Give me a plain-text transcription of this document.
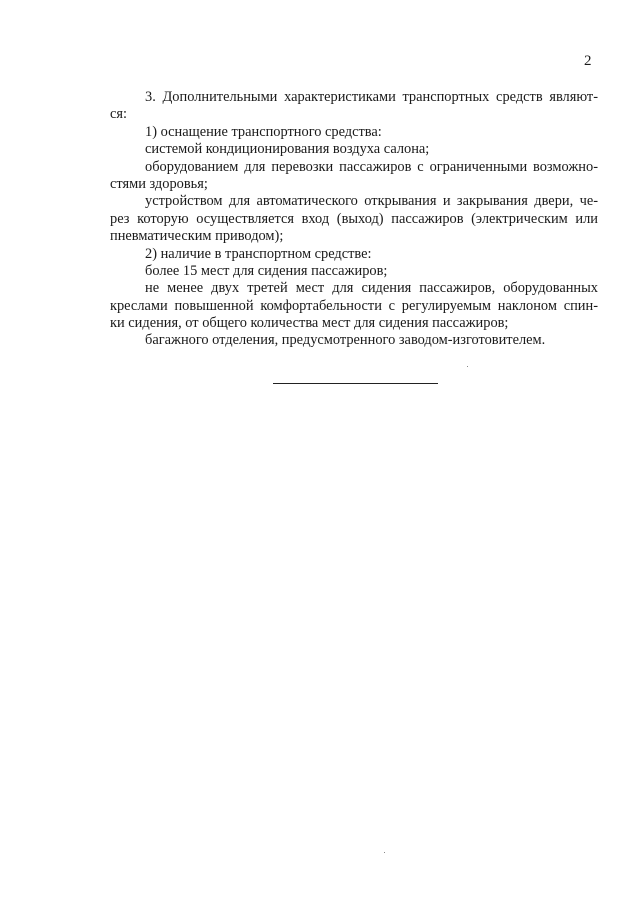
2
3. Дополнительными характеристиками транспортных средств являют-
ся:
1) оснащение транспортного средства:
системой кондиционирования воздуха салона;
оборудованием для перевозки пассажиров с ограниченными возможно-
стями здоровья;
устройством для автоматического открывания и закрывания двери, че-
рез которую осуществляется вход (выход) пассажиров (электрическим или
пневматическим приводом);
2) наличие в транспортном средстве:
более 15 мест для сидения пассажиров;
не менее двух третей мест для сидения пассажиров, оборудованных
креслами повышенной комфортабельности с регулируемым наклоном спин-
ки сидения, от общего количества мест для сидения пассажиров;
багажного отделения, предусмотренного заводом-изготовителем.
